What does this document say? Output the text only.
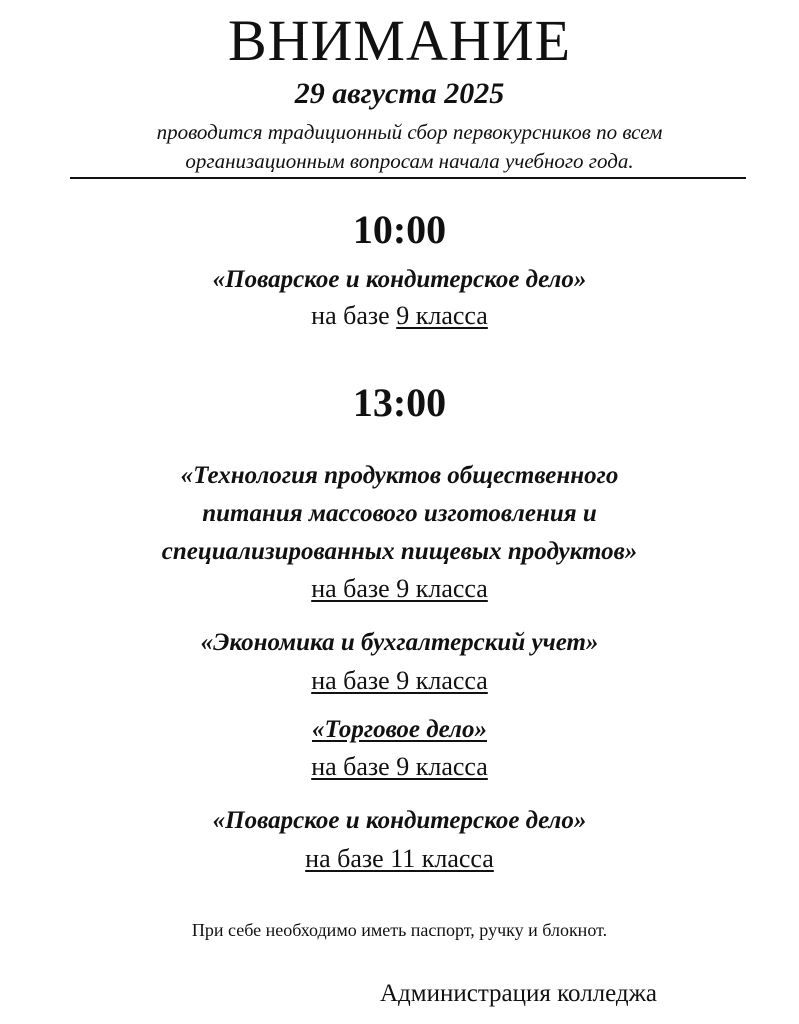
ВНИМАНИЕ
29 августа 2025
проводится традиционный сбор первокурсников по всем
организационным вопросам начала учебного года.
10:00
«Поварское и кондитерское дело»
на базе 9 класса
13:00
«Технология продуктов общественного
питания массового изготовления и
специализированных пищевых продуктов»
на базе 9 класса
«Экономика и бухгалтерский учет»
на базе 9 класса
«Торговое дело»
на базе 9 класса
«Поварское и кондитерское дело»
на базе 11 класса
При себе необходимо иметь паспорт, ручку и блокнот.
Администрация колледжа
